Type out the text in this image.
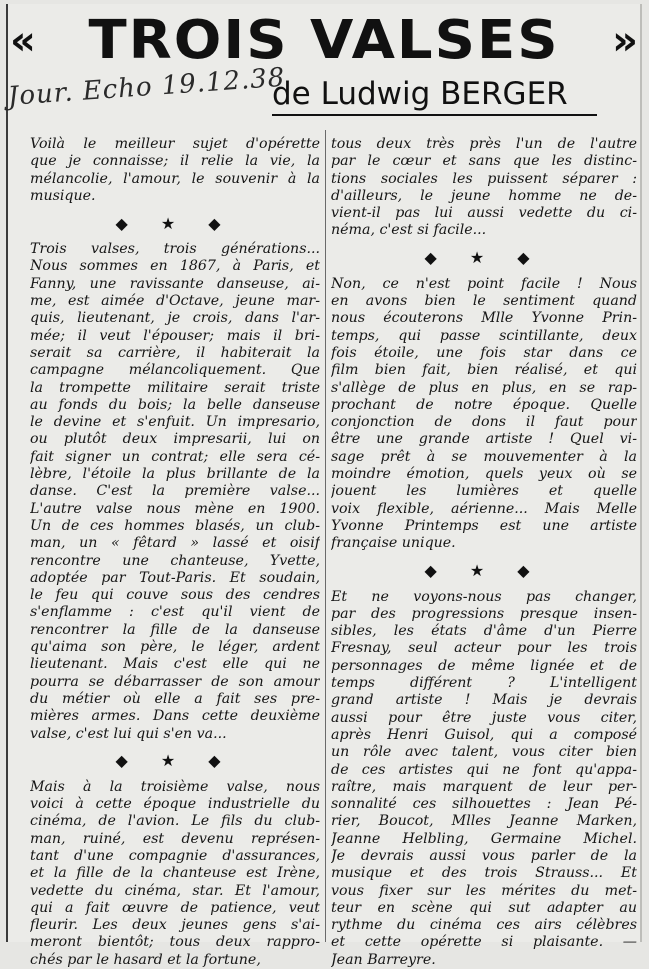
« TROIS VALSES »
Jour. Echo 19.12.38
de Ludwig BERGER
Voilà le meilleur sujet d'opérette
que je connaisse; il relie la vie, la
mélancolie, l'amour, le souvenir à la
musique.
◆ ★ ◆
Trois valses, trois générations...
Nous sommes en 1867, à Paris, et
Fanny, une ravissante danseuse, ai-
me, est aimée d'Octave, jeune mar-
quis, lieutenant, je crois, dans l'ar-
mée; il veut l'épouser; mais il bri-
serait sa carrière, il habiterait la
campagne mélancoliquement. Que
la trompette militaire serait triste
au fonds du bois; la belle danseuse
le devine et s'enfuit. Un impresario,
ou plutôt deux impresarii, lui on
fait signer un contrat; elle sera cé-
lèbre, l'étoile la plus brillante de la
danse. C'est la première valse...
L'autre valse nous mène en 1900.
Un de ces hommes blasés, un club-
man, un « fêtard » lassé et oisif
rencontre une chanteuse, Yvette,
adoptée par Tout-Paris. Et soudain,
le feu qui couve sous des cendres
s'enflamme : c'est qu'il vient de
rencontrer la fille de la danseuse
qu'aima son père, le léger, ardent
lieutenant. Mais c'est elle qui ne
pourra se débarrasser de son amour
du métier où elle a fait ses pre-
mières armes. Dans cette deuxième
valse, c'est lui qui s'en va...
◆ ★ ◆
Mais à la troisième valse, nous
voici à cette époque industrielle du
cinéma, de l'avion. Le fils du club-
man, ruiné, est devenu représen-
tant d'une compagnie d'assurances,
et la fille de la chanteuse est Irène,
vedette du cinéma, star. Et l'amour,
qui a fait œuvre de patience, veut
fleurir. Les deux jeunes gens s'ai-
meront bientôt; tous deux rappro-
chés par le hasard et la fortune,
tous deux très près l'un de l'autre
par le cœur et sans que les distinc-
tions sociales les puissent séparer :
d'ailleurs, le jeune homme ne de-
vient-il pas lui aussi vedette du ci-
néma, c'est si facile...
◆ ★ ◆
Non, ce n'est point facile ! Nous
en avons bien le sentiment quand
nous écouterons Mlle Yvonne Prin-
temps, qui passe scintillante, deux
fois étoile, une fois star dans ce
film bien fait, bien réalisé, et qui
s'allège de plus en plus, en se rap-
prochant de notre époque. Quelle
conjonction de dons il faut pour
être une grande artiste ! Quel vi-
sage prêt à se mouvementer à la
moindre émotion, quels yeux où se
jouent les lumières et quelle
voix flexible, aérienne... Mais Melle
Yvonne Printemps est une artiste
française unique.
◆ ★ ◆
Et ne voyons-nous pas changer,
par des progressions presque insen-
sibles, les états d'âme d'un Pierre
Fresnay, seul acteur pour les trois
personnages de même lignée et de
temps différent ? L'intelligent
grand artiste ! Mais je devrais
aussi pour être juste vous citer,
après Henri Guisol, qui a composé
un rôle avec talent, vous citer bien
de ces artistes qui ne font qu'appa-
raître, mais marquent de leur per-
sonnalité ces silhouettes : Jean Pé-
rier, Boucot, Mlles Jeanne Marken,
Jeanne Helbling, Germaine Michel.
Je devrais aussi vous parler de la
musique et des trois Strauss... Et
vous fixer sur les mérites du met-
teur en scène qui sut adapter au
rythme du cinéma ces airs célèbres
et cette opérette si plaisante. —
Jean Barreyre.
